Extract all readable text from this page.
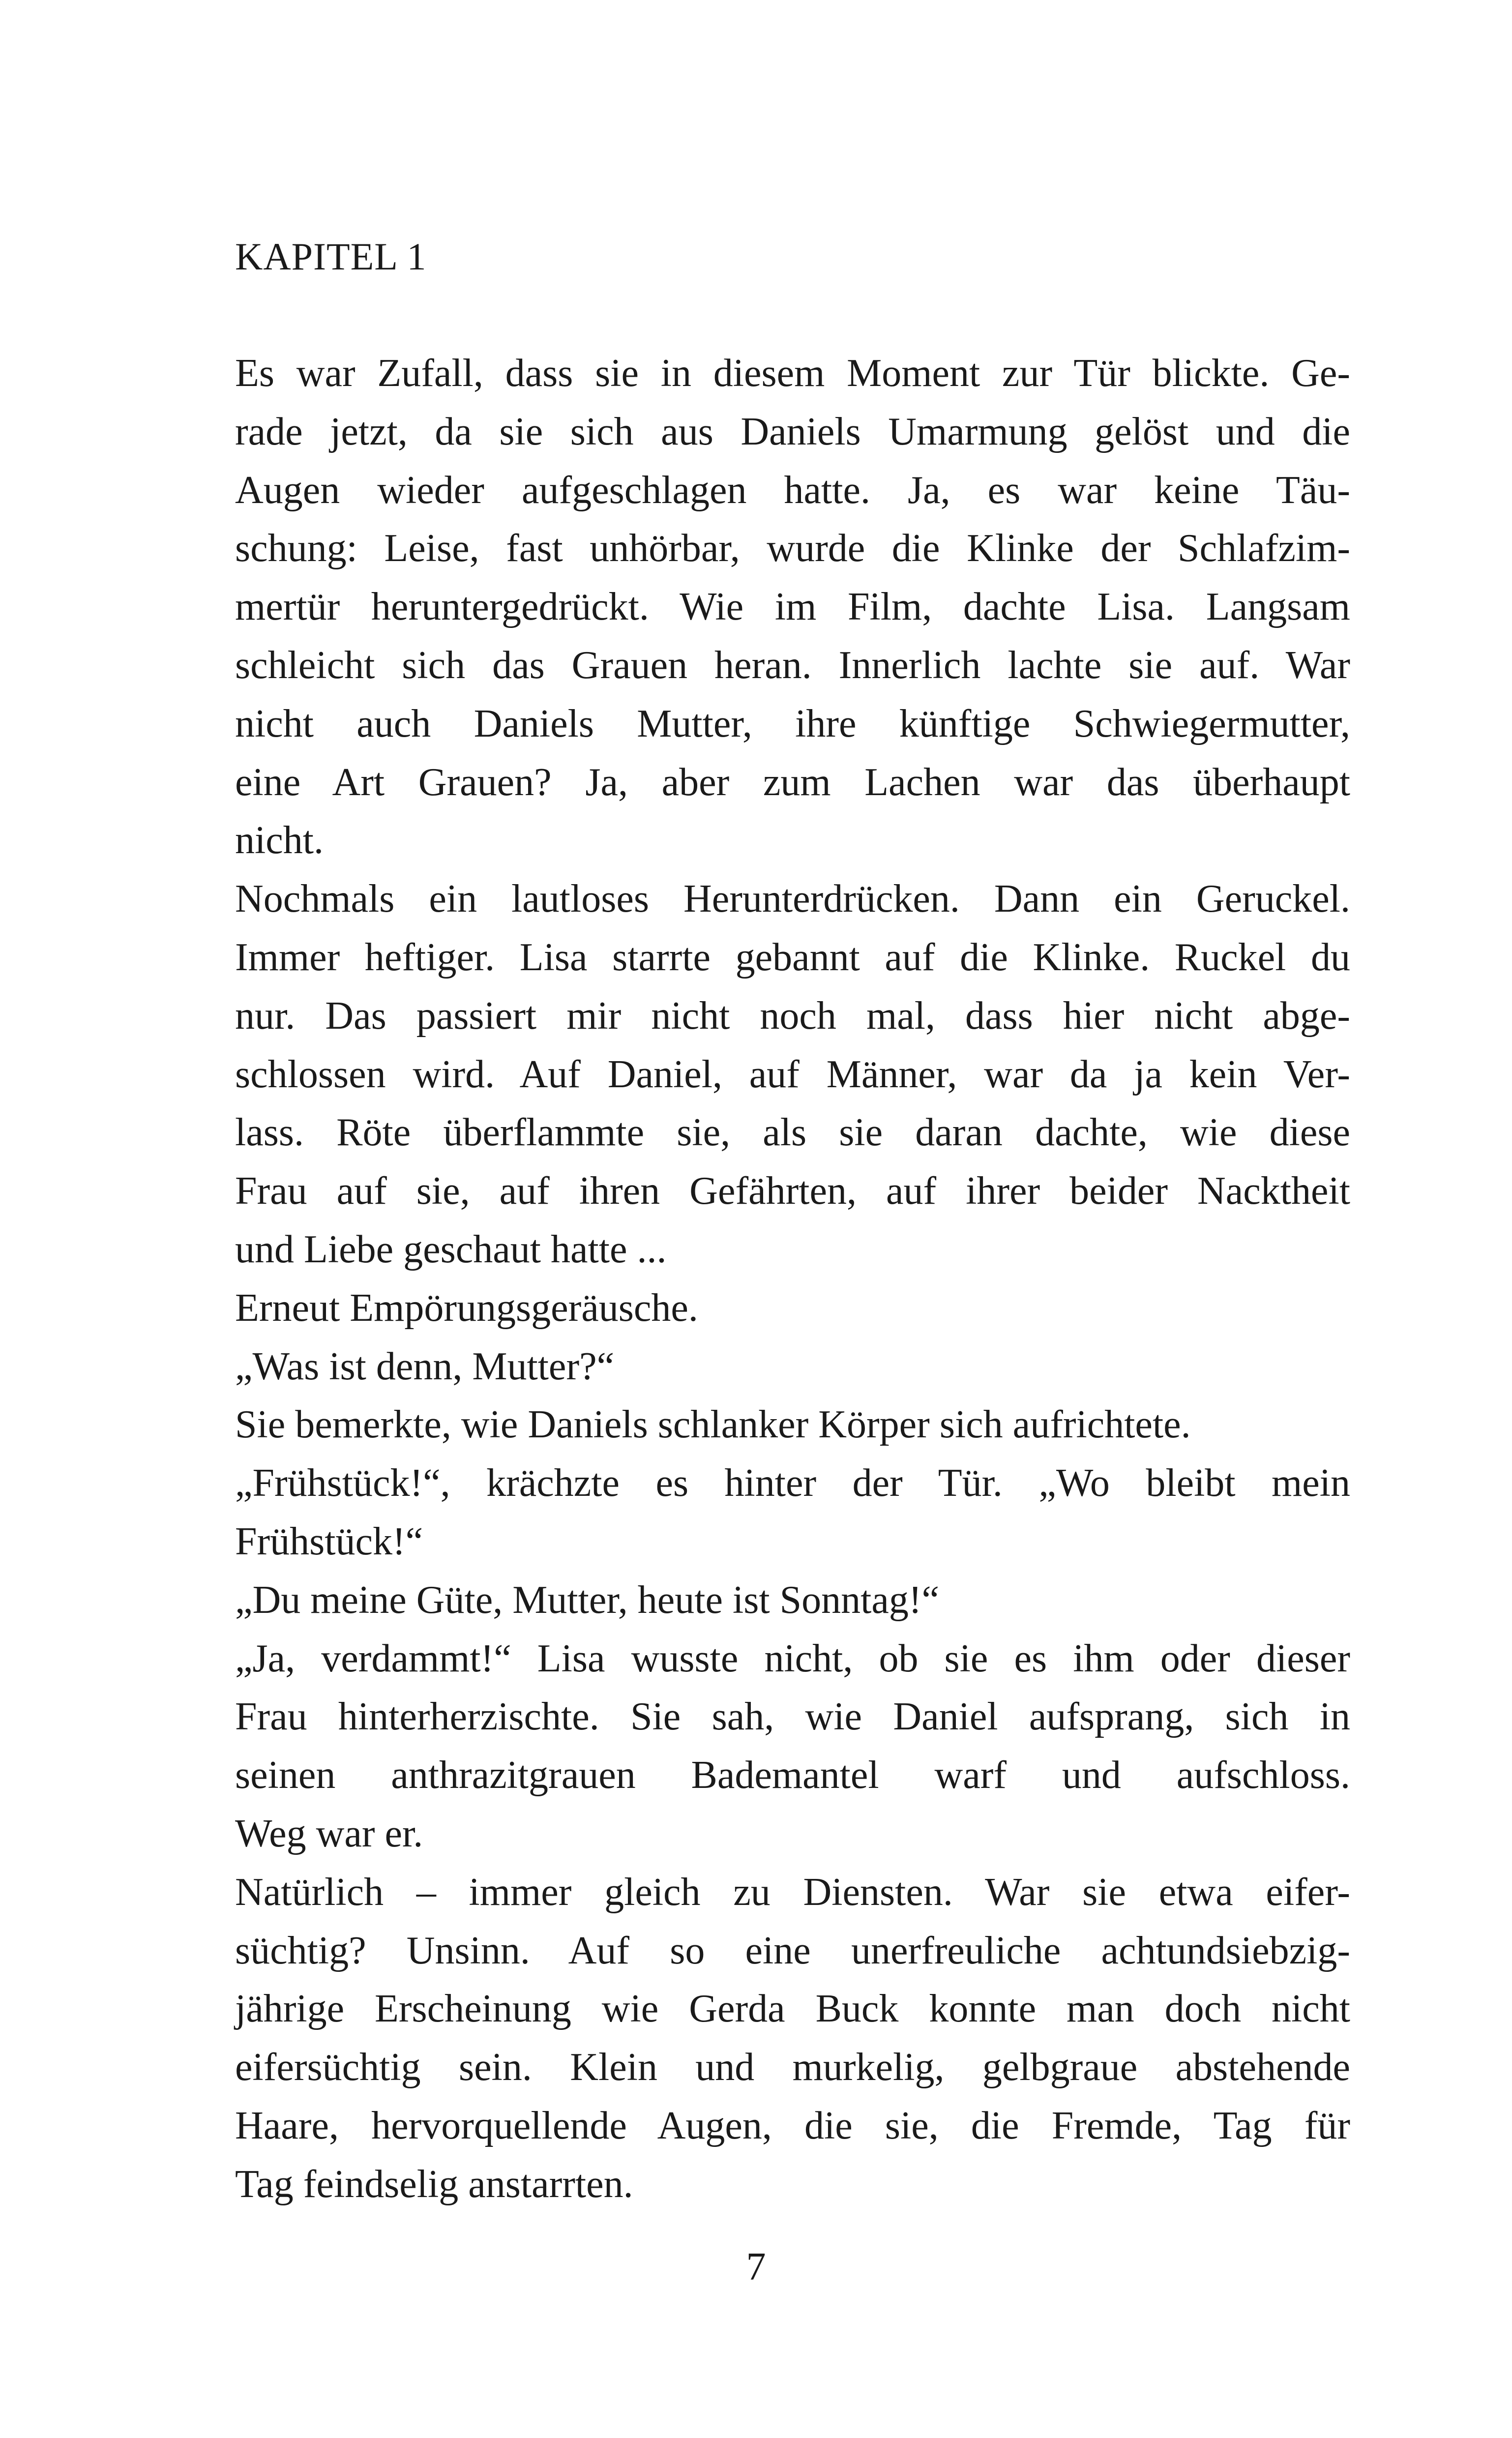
KAPITEL 1
Es war Zufall, dass sie in diesem Moment zur Tür blickte. Ge-
rade jetzt, da sie sich aus Daniels Umarmung gelöst und die
Augen wieder aufgeschlagen hatte. Ja, es war keine Täu-
schung: Leise, fast unhörbar, wurde die Klinke der Schlafzim-
mertür heruntergedrückt. Wie im Film, dachte Lisa. Langsam
schleicht sich das Grauen heran. Innerlich lachte sie auf. War
nicht auch Daniels Mutter, ihre künftige Schwiegermutter,
eine Art Grauen? Ja, aber zum Lachen war das überhaupt
nicht.
Nochmals ein lautloses Herunterdrücken. Dann ein Geruckel.
Immer heftiger. Lisa starrte gebannt auf die Klinke. Ruckel du
nur. Das passiert mir nicht noch mal, dass hier nicht abge-
schlossen wird. Auf Daniel, auf Männer, war da ja kein Ver-
lass. Röte überflammte sie, als sie daran dachte, wie diese
Frau auf sie, auf ihren Gefährten, auf ihrer beider Nacktheit
und Liebe geschaut hatte ...
Erneut Empörungsgeräusche.
„Was ist denn, Mutter?“
Sie bemerkte, wie Daniels schlanker Körper sich aufrichtete.
„Frühstück!“, krächzte es hinter der Tür. „Wo bleibt mein
Frühstück!“
„Du meine Güte, Mutter, heute ist Sonntag!“
„Ja, verdammt!“ Lisa wusste nicht, ob sie es ihm oder dieser
Frau hinterherzischte. Sie sah, wie Daniel aufsprang, sich in
seinen anthrazitgrauen Bademantel warf und aufschloss.
Weg war er.
Natürlich – immer gleich zu Diensten. War sie etwa eifer-
süchtig? Unsinn. Auf so eine unerfreuliche achtundsiebzig-
jährige Erscheinung wie Gerda Buck konnte man doch nicht
eifersüchtig sein. Klein und murkelig, gelbgraue abstehende
Haare, hervorquellende Augen, die sie, die Fremde, Tag für
Tag feindselig anstarrten.
7
